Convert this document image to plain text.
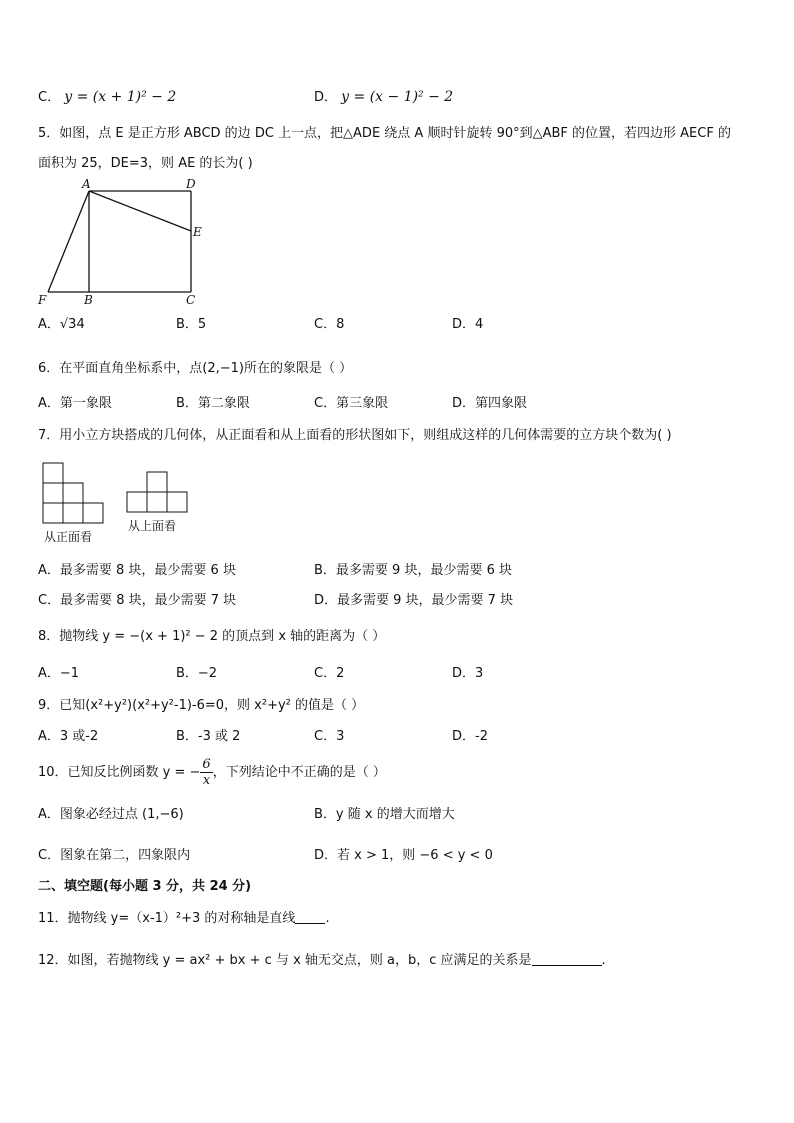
C． y = (x + 1)² − 2	D． y = (x − 1)² − 2
5．如图，点 E 是正方形 ABCD 的边 DC 上一点，把△ADE 绕点 A 顺时针旋转 90°到△ABF 的位置，若四边形 AECF 的
面积为 25，DE=3，则 AE 的长为( )
A	D
E
F	B	C
A．√34	B．5	C．8	D．4
6．在平面直角坐标系中，点(2,−1)所在的象限是（ ）
A．第一象限	B．第二象限	C．第三象限	D．第四象限
7．用小立方块搭成的几何体，从正面看和从上面看的形状图如下，则组成这样的几何体需要的立方块个数为( )
从正面看
从上面看
A．最多需要 8 块，最少需要 6 块	B．最多需要 9 块，最少需要 6 块
C．最多需要 8 块，最少需要 7 块	D．最多需要 9 块，最少需要 7 块
8．抛物线 y = −(x + 1)² − 2 的顶点到 x 轴的距离为（ ）
A．−1	B．−2	C．2	D．3
9．已知(x²+y²)(x²+y²-1)-6=0，则 x²+y² 的值是（ ）
A．3 或-2	B．-3 或 2	C．3	D．-2
10．已知反比例函数 y = − $\frac{6}{x}$ ，下列结论中不正确的是（ ）
A．图象必经过点 (1,−6)	B．y 随 x 的增大而增大
C．图象在第二，四象限内	D．若 x > 1，则 −6 < y < 0
二、填空题(每小题 3 分，共 24 分)
11．抛物线 y=（x-1）²+3 的对称轴是直线 .
12．如图，若抛物线 y = ax² + bx + c 与 x 轴无交点，则 a，b，c 应满足的关系是	.
